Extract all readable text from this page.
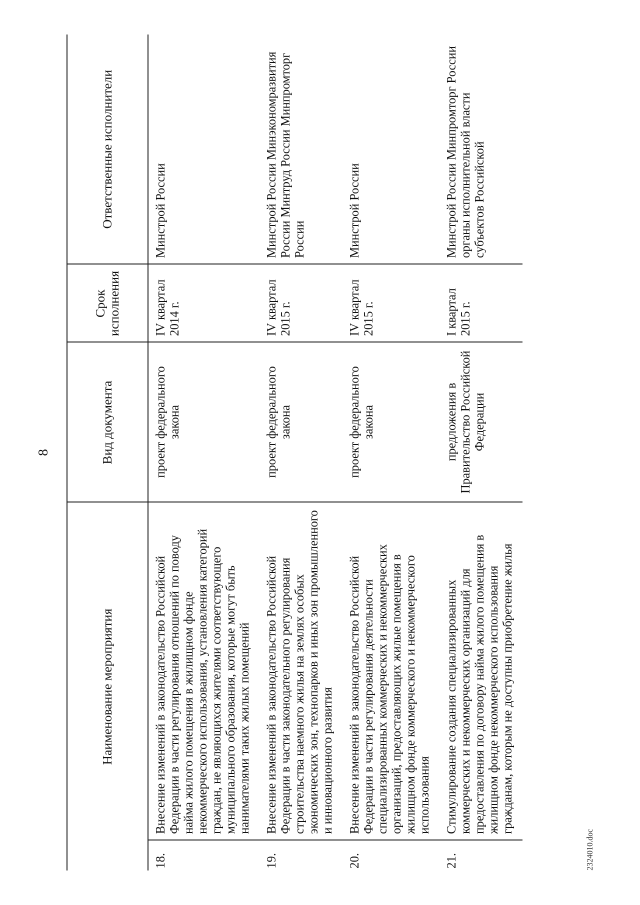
8
Наименование мероприятия		Вид документа	Срок исполнения	Ответственные исполнители
18.	Внесение изменений в законодательство Российской Федерации в части регулирования отношений по поводу найма жилого помещения в жилищном фонде некоммерческого использования, установления категорий граждан, не являющихся жителями соответствующего муниципального образования, которые могут быть нанимателями таких жилых помещений	проект федерального закона	IV квартал 2014 г.	Минстрой России
19.	Внесение изменений в законодательство Российской Федерации в части законодательного регулирования строительства наемного жилья на землях особых экономических зон, технопарков и иных зон промышленного и инновационного развития	проект федерального закона	IV квартал 2015 г.	Минстрой России Минэкономразвития России Минтруд России Минпромторг России
20.	Внесение изменений в законодательство Российской Федерации в части регулирования деятельности специализированных коммерческих и некоммерческих организаций, предоставляющих жилые помещения в жилищном фонде коммерческого и некоммерческого использования	проект федерального закона	IV квартал 2015 г.	Минстрой России
21.	Стимулирование создания специализированных коммерческих и некоммерческих организаций для предоставления по договору найма жилого помещения в жилищном фонде некоммерческого использования гражданам, которым не доступны приобретение жилья	предложения в Правительство Российской Федерации	I квартал 2015 г.	Минстрой России Минпромторг России органы исполнительной власти субъектов Российской
2324010.doc
